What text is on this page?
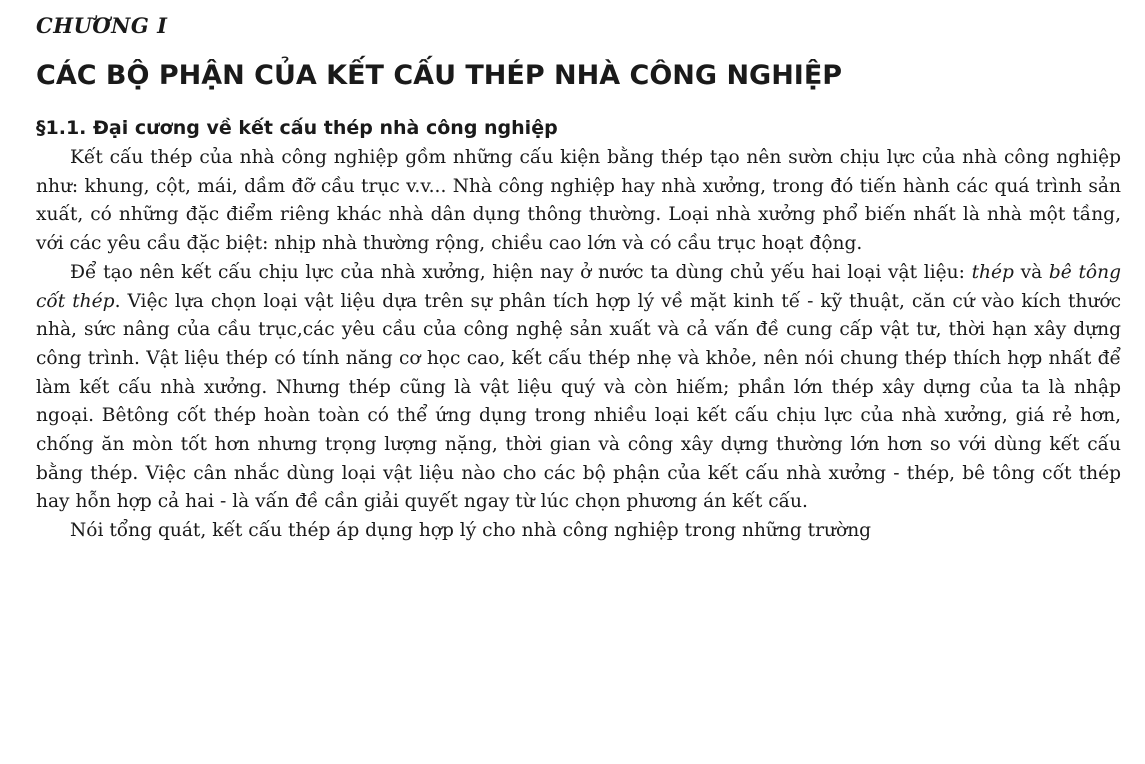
CHƯƠNG I
CÁC BỘ PHẬN CỦA KẾT CẤU THÉP NHÀ CÔNG NGHIỆP
§1.1. Đại cương về kết cấu thép nhà công nghiệp

Kết cấu thép của nhà công nghiệp gồm những cấu kiện bằng thép tạo nên sườn chịu lực của nhà công nghiệp như: khung, cột, mái, dầm đỡ cầu trục v.v... Nhà công nghiệp hay nhà xưởng, trong đó tiến hành các quá trình sản xuất, có những đặc điểm riêng khác nhà dân dụng thông thường. Loại nhà xưởng phổ biến nhất là nhà một tầng, với các yêu cầu đặc biệt: nhịp nhà thường rộng, chiều cao lớn và có cầu trục hoạt động.

Để tạo nên kết cấu chịu lực của nhà xưởng, hiện nay ở nước ta dùng chủ yếu hai loại vật liệu: thép và bê tông cốt thép. Việc lựa chọn loại vật liệu dựa trên sự phân tích hợp lý về mặt kinh tế - kỹ thuật, căn cứ vào kích thước nhà, sức nâng của cầu trục,các yêu cầu của công nghệ sản xuất và cả vấn đề cung cấp vật tư, thời hạn xây dựng công trình. Vật liệu thép có tính năng cơ học cao, kết cấu thép nhẹ và khỏe, nên nói chung thép thích hợp nhất để làm kết cấu nhà xưởng. Nhưng thép cũng là vật liệu quý và còn hiếm; phần lớn thép xây dựng của ta là nhập ngoại. Bêtông cốt thép hoàn toàn có thể ứng dụng trong nhiều loại kết cấu chịu lực của nhà xưởng, giá rẻ hơn, chống ăn mòn tốt hơn nhưng trọng lượng nặng, thời gian và công xây dựng thường lớn hơn so với dùng kết cấu bằng thép. Việc cân nhắc dùng loại vật liệu nào cho các bộ phận của kết cấu nhà xưởng - thép, bê tông cốt thép hay hỗn hợp cả hai - là vấn đề cần giải quyết ngay từ lúc chọn phương án kết cấu.

Nói tổng quát, kết cấu thép áp dụng hợp lý cho nhà công nghiệp trong những trường
